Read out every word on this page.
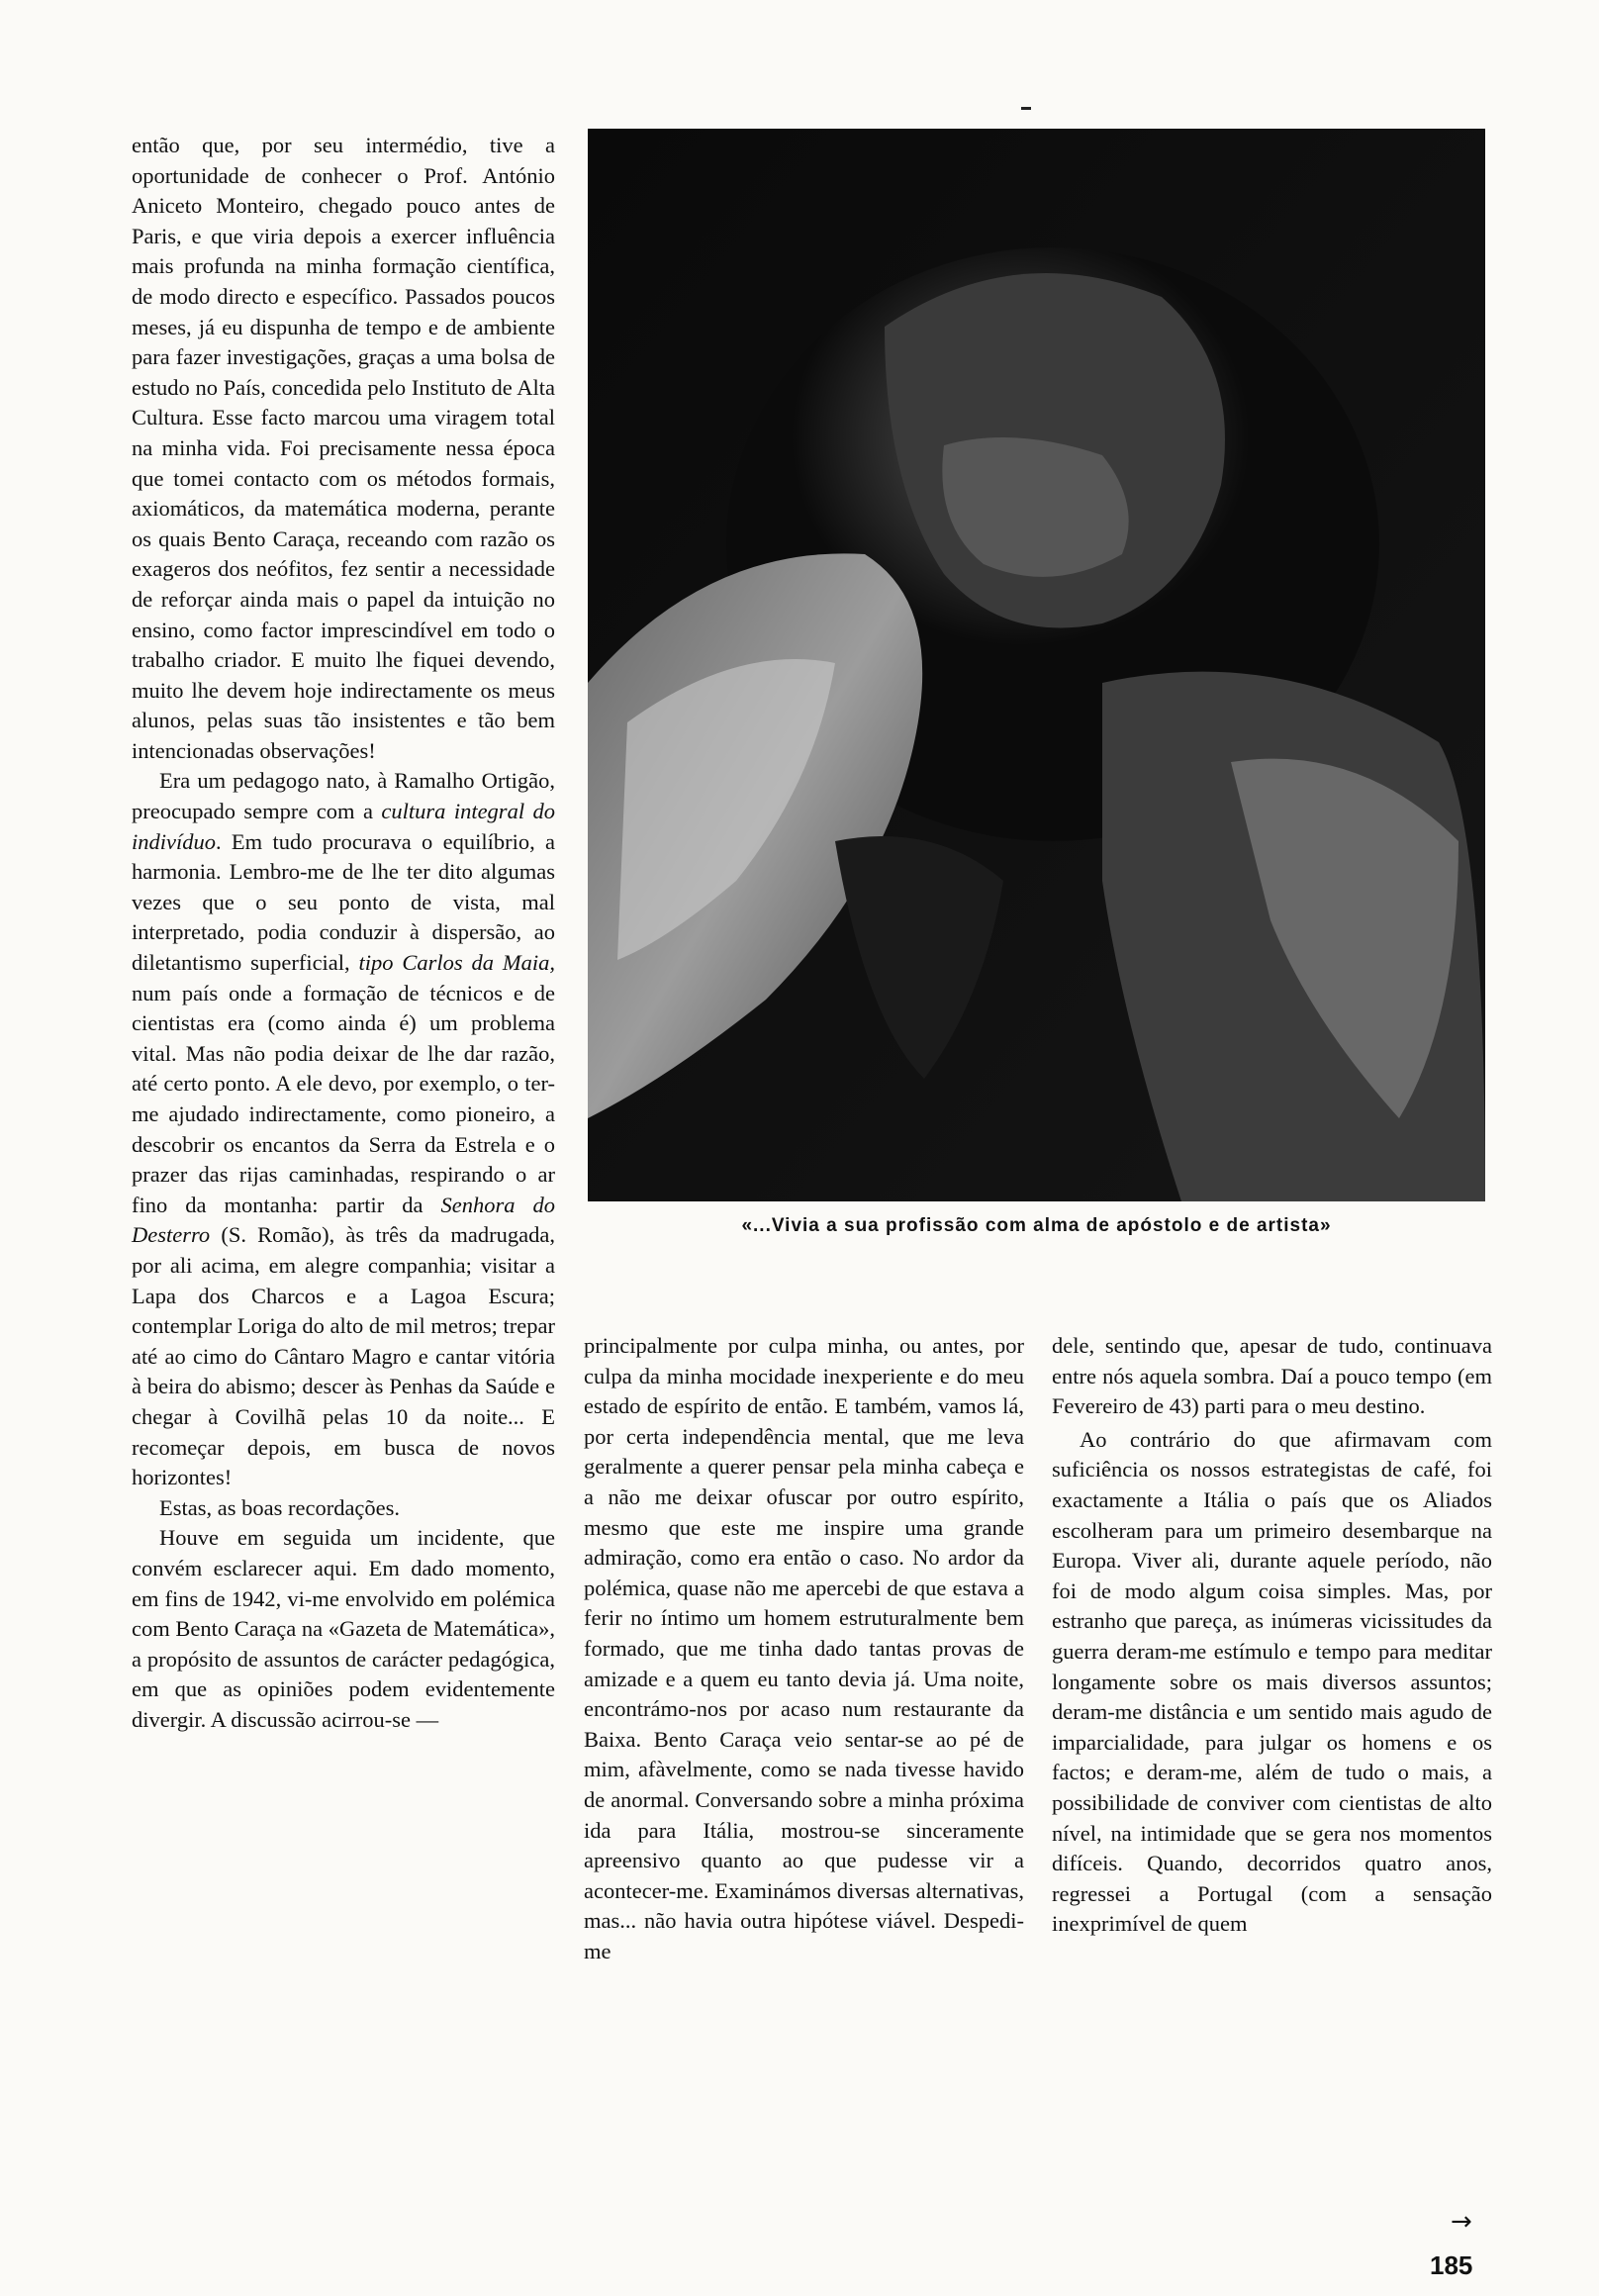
então que, por seu intermédio, tive a oportunidade de conhecer o Prof. António Aniceto Monteiro, chegado pouco antes de Paris, e que viria depois a exercer influência mais profunda na minha formação científica, de modo directo e específico. Passados poucos meses, já eu dispunha de tempo e de ambiente para fazer investigações, graças a uma bolsa de estudo no País, concedida pelo Instituto de Alta Cultura. Esse facto marcou uma viragem total na minha vida. Foi precisamente nessa época que tomei contacto com os métodos formais, axiomáticos, da matemática moderna, perante os quais Bento Caraça, receando com razão os exageros dos neófitos, fez sentir a necessidade de reforçar ainda mais o papel da intuição no ensino, como factor imprescindível em todo o trabalho criador. E muito lhe fiquei devendo, muito lhe devem hoje indirectamente os meus alunos, pelas suas tão insistentes e tão bem intencionadas observações!

Era um pedagogo nato, à Ramalho Ortigão, preocupado sempre com a cultura integral do indivíduo. Em tudo procurava o equilíbrio, a harmonia. Lembro-me de lhe ter dito algumas vezes que o seu ponto de vista, mal interpretado, podia conduzir à dispersão, ao diletantismo superficial, tipo Carlos da Maia, num país onde a formação de técnicos e de cientistas era (como ainda é) um problema vital. Mas não podia deixar de lhe dar razão, até certo ponto. A ele devo, por exemplo, o ter-me ajudado indirectamente, como pioneiro, a descobrir os encantos da Serra da Estrela e o prazer das rijas caminhadas, respirando o ar fino da montanha: partir da Senhora do Desterro (S. Romão), às três da madrugada, por ali acima, em alegre companhia; visitar a Lapa dos Charcos e a Lagoa Escura; contemplar Loriga do alto de mil metros; trepar até ao cimo do Cântaro Magro e cantar vitória à beira do abismo; descer às Penhas da Saúde e chegar à Covilhã pelas 10 da noite... E recomeçar depois, em busca de novos horizontes!

Estas, as boas recordações.

Houve em seguida um incidente, que convém esclarecer aqui. Em dado momento, em fins de 1942, vi-me envolvido em polémica com Bento Caraça na «Gazeta de Matemática», a propósito de assuntos de carácter pedagógica, em que as opiniões podem evidentemente divergir. A discussão acirrou-se —

«...Vivia a sua profissão com alma de apóstolo e de artista»

principalmente por culpa minha, ou antes, por culpa da minha mocidade inexperiente e do meu estado de espírito de então. E também, vamos lá, por certa independência mental, que me leva geralmente a querer pensar pela minha cabeça e a não me deixar ofuscar por outro espírito, mesmo que este me inspire uma grande admiração, como era então o caso. No ardor da polémica, quase não me apercebi de que estava a ferir no íntimo um homem estruturalmente bem formado, que me tinha dado tantas provas de amizade e a quem eu tanto devia já. Uma noite, encontrámo-nos por acaso num restaurante da Baixa. Bento Caraça veio sentar-se ao pé de mim, afàvelmente, como se nada tivesse havido de anormal. Conversando sobre a minha próxima ida para Itália, mostrou-se sinceramente apreensivo quanto ao que pudesse vir a acontecer-me. Examinámos diversas alternativas, mas... não havia outra hipótese viável. Despedi-me

dele, sentindo que, apesar de tudo, continuava entre nós aquela sombra. Daí a pouco tempo (em Fevereiro de 43) parti para o meu destino.

Ao contrário do que afirmavam com suficiência os nossos estrategistas de café, foi exactamente a Itália o país que os Aliados escolheram para um primeiro desembarque na Europa. Viver ali, durante aquele período, não foi de modo algum coisa simples. Mas, por estranho que pareça, as inúmeras vicissitudes da guerra deram-me estímulo e tempo para meditar longamente sobre os mais diversos assuntos; deram-me distância e um sentido mais agudo de imparcialidade, para julgar os homens e os factos; e deram-me, além de tudo o mais, a possibilidade de conviver com cientistas de alto nível, na intimidade que se gera nos momentos difíceis. Quando, decorridos quatro anos, regressei a Portugal (com a sensação inexprimível de quem

→
185
